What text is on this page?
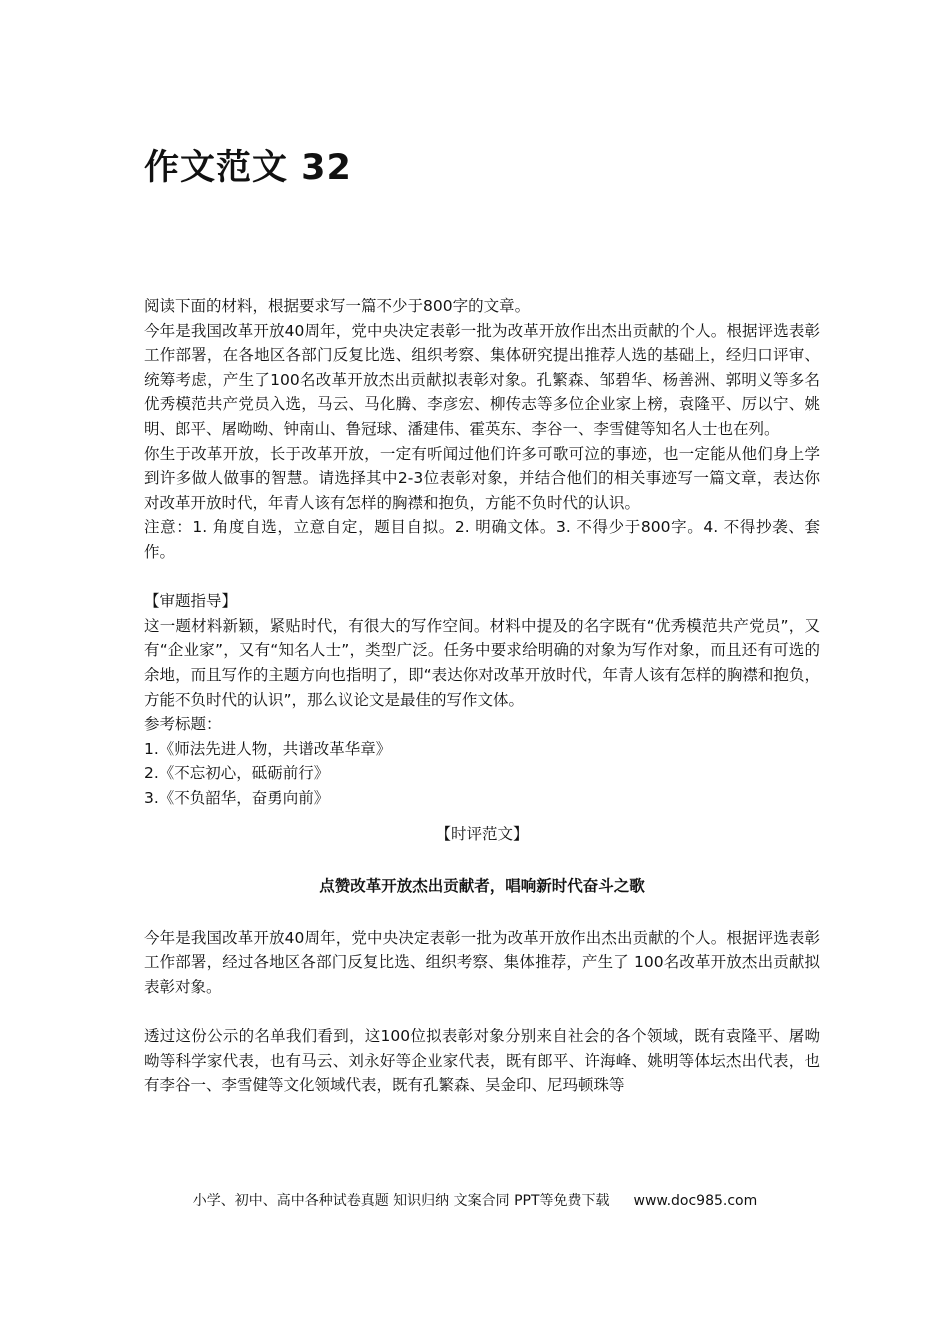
作文范文 32

阅读下面的材料，根据要求写一篇不少于800字的文章。

今年是我国改革开放40周年，党中央决定表彰一批为改革开放作出杰出贡献的个人。根据评选表彰工作部署，在各地区各部门反复比选、组织考察、集体研究提出推荐人选的基础上，经归口评审、统筹考虑，产生了100名改革开放杰出贡献拟表彰对象。孔繁森、邹碧华、杨善洲、郭明义等多名优秀模范共产党员入选，马云、马化腾、李彦宏、柳传志等多位企业家上榜，袁隆平、厉以宁、姚明、郎平、屠呦呦、钟南山、鲁冠球、潘建伟、霍英东、李谷一、李雪健等知名人士也在列。

你生于改革开放，长于改革开放，一定有听闻过他们许多可歌可泣的事迹，也一定能从他们身上学到许多做人做事的智慧。请选择其中2-3位表彰对象，并结合他们的相关事迹写一篇文章，表达你对改革开放时代，年青人该有怎样的胸襟和抱负，方能不负时代的认识。

注意：1. 角度自选，立意自定，题目自拟。2. 明确文体。3. 不得少于800字。4. 不得抄袭、套作。

【审题指导】

这一题材料新颖，紧贴时代，有很大的写作空间。材料中提及的名字既有“优秀模范共产党员”，又有“企业家”，又有“知名人士”，类型广泛。任务中要求给明确的对象为写作对象，而且还有可选的余地，而且写作的主题方向也指明了，即“表达你对改革开放时代，年青人该有怎样的胸襟和抱负，方能不负时代的认识”，那么议论文是最佳的写作文体。

参考标题：

1.《师法先进人物，共谱改革华章》

2.《不忘初心，砥砺前行》

3.《不负韶华，奋勇向前》

【时评范文】

点赞改革开放杰出贡献者，唱响新时代奋斗之歌

今年是我国改革开放40周年，党中央决定表彰一批为改革开放作出杰出贡献的个人。根据评选表彰工作部署，经过各地区各部门反复比选、组织考察、集体推荐，产生了 100名改革开放杰出贡献拟表彰对象。

透过这份公示的名单我们看到，这100位拟表彰对象分别来自社会的各个领域，既有袁隆平、屠呦呦等科学家代表，也有马云、刘永好等企业家代表，既有郎平、许海峰、姚明等体坛杰出代表，也有李谷一、李雪健等文化领域代表，既有孔繁森、吴金印、尼玛顿珠等

小学、初中、高中各种试卷真题 知识归纳 文案合同 PPT等免费下载 www.doc985.com
